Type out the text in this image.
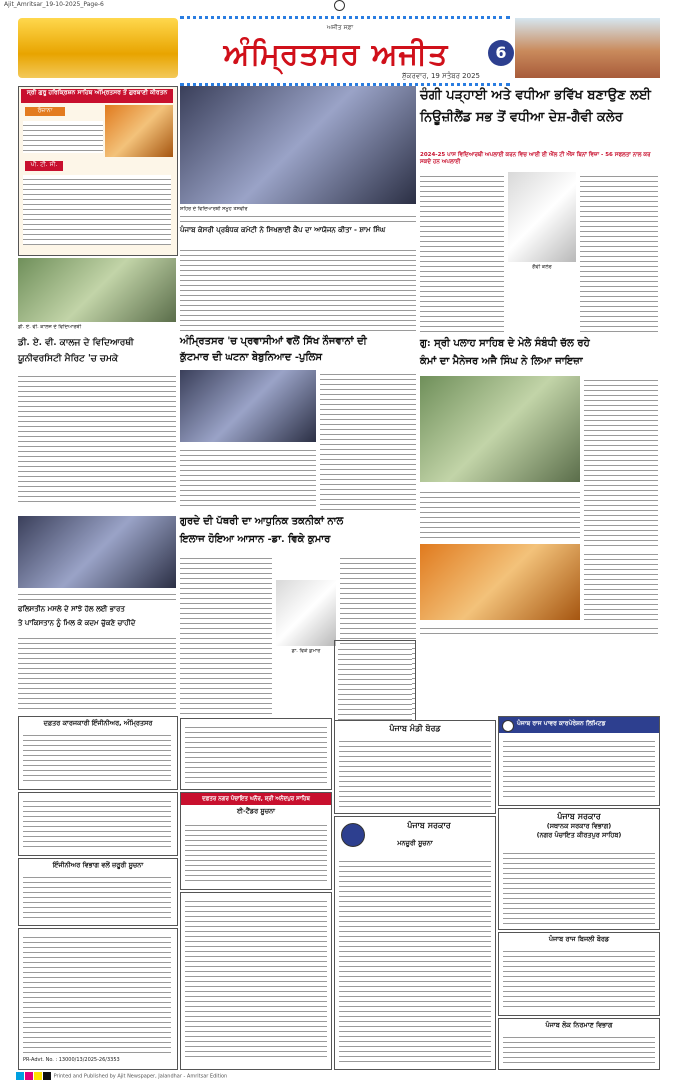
Ajit_Amritsar_19-10-2025_Page-6
ਅਜੀਤ ਸਫ਼ਾ
ਅੰਮ੍ਰਿਤਸਰ ਅਜੀਤ
ਸ਼ੁੱਕਰਵਾਰ, 19 ਸਤੰਬਰ 2025
6
ਸ੍ਰੀ ਗੁਰੂ ਹਰਿਕ੍ਰਿਸ਼ਨ ਸਾਹਿਬ ਅੰਮ੍ਰਿਤਸਰ ਤੋਂ ਗੁਰਬਾਣੀ ਕੀਰਤਨ
ਰੋਜ਼ਾਨਾ
ਪੀ. ਟੀ. ਸੀ.
ਸ਼ਹਿਰ ਦੇ ਵਿਦਿਆਰਥੀ ਸਮੂਹ ਤਸਵੀਰ
ਪੰਜਾਬ ਕੇਸਰੀ ਪ੍ਰਬੰਧਕ ਕਮੇਟੀ ਨੇ ਸਿਖਲਾਈ ਕੈਂਪ ਦਾ ਆਯੋਜਨ ਕੀਤਾ - ਸ਼ਾਮ ਸਿੰਘ
ਚੰਗੀ ਪੜ੍ਹਾਈ ਅਤੇ ਵਧੀਆ ਭਵਿੱਖ ਬਣਾਉਣ ਲਈ
ਨਿਊਜ਼ੀਲੈਂਡ ਸਭ ਤੋਂ ਵਧੀਆ ਦੇਸ਼-ਗੈਵੀ ਕਲੇਰ
2024-25 ਪਾਸ ਵਿਦਿਆਰਥੀ ਅਪਲਾਈ ਕਰਨ ਵਿਚ ਆਈ ਈ ਐੱਲ ਟੀ ਐੱਸ ਬਿਨਾਂ ਵਿਜ਼ਾ - 56 ਸਫਲਤਾ ਨਾਲ ਕਰ ਸਕਦੇ ਹਨ ਅਪਲਾਈ
ਗੈਵੀ ਕਲੇਰ
ਡੀ. ਏ. ਵੀ. ਕਾਲਜ ਦੇ ਵਿਦਿਆਰਥੀ
ਡੀ. ਏ. ਵੀ. ਕਾਲਜ ਦੇ ਵਿਦਿਆਰਥੀ
ਯੂਨੀਵਰਸਿਟੀ ਮੈਰਿਟ 'ਚ ਚਮਕੇ
ਅੰਮ੍ਰਿਤਸਰ 'ਚ ਪ੍ਰਵਾਸੀਆਂ ਵਲੋਂ ਸਿੱਖ ਨੌਜਵਾਨਾਂ ਦੀ
ਕੁੱਟਮਾਰ ਦੀ ਘਟਨਾ ਬੇਬੁਨਿਆਦ -ਪੁਲਿਸ
ਗੁ: ਸ੍ਰੀ ਪਲਾਹ ਸਾਹਿਬ ਦੇ ਮੇਲੇ ਸੰਬੰਧੀ ਚੱਲ ਰਹੇ
ਕੰਮਾਂ ਦਾ ਮੈਨੇਜਰ ਅਜੈ ਸਿੰਘ ਨੇ ਲਿਆ ਜਾਇਜ਼ਾ
ਗੁਰਦੇ ਦੀ ਪੱਥਰੀ ਦਾ ਆਧੁਨਿਕ ਤਕਨੀਕਾਂ ਨਾਲ
ਇਲਾਜ ਹੋਇਆ ਆਸਾਨ -ਡਾ. ਵਿਕੇ ਕੁਮਾਰ
ਡਾ. ਵਿਕੇ ਕੁਮਾਰ
ਫਲਿਸਤੀਨ ਮਸਲੇ ਦੇ ਸਾਂਝੇ ਹੱਲ ਲਈ ਭਾਰਤ
ਤੇ ਪਾਕਿਸਤਾਨ ਨੂੰ ਮਿਲ ਕੇ ਕਦਮ ਚੁੱਕਣੇ ਚਾਹੀਦੇ
ਦਫ਼ਤਰ ਕਾਰਜਕਾਰੀ ਇੰਜੀਨੀਅਰ, ਅੰਮ੍ਰਿਤਸਰ
ਇੰਜੀਨੀਅਰ ਵਿਭਾਗ ਵਲੋਂ ਜ਼ਰੂਰੀ ਸੂਚਨਾ
PR-Advt. No. : 13000/13/2025-26/3353
ਪੰਜਾਬ ਮੰਡੀ ਬੋਰਡ
ਪੰਜਾਬ ਰਾਜ ਪਾਵਰ ਕਾਰਪੋਰੇਸ਼ਨ ਲਿਮਿਟਡ
ਦਫ਼ਤਰ ਨਗਰ ਪੰਚਾਇਤ ਘਨੌਰ, ਸ਼੍ਰੀ ਅਨੰਦਪੁਰ ਸਾਹਿਬ
ਈ-ਟੈਂਡਰ ਸੂਚਨਾ
ਪੰਜਾਬ ਸਰਕਾਰ
ਮਨਜ਼ੂਰੀ ਸੂਚਨਾ
ਪੰਜਾਬ ਸਰਕਾਰ
(ਸਥਾਨਕ ਸਰਕਾਰ ਵਿਭਾਗ)
(ਨਗਰ ਪੰਚਾਇਤ ਕੀਰਤਪੁਰ ਸਾਹਿਬ)
ਪੰਜਾਬ ਰਾਜ ਬਿਜਲੀ ਬੋਰਡ
ਪੰਜਾਬ ਲੋਕ ਨਿਰਮਾਣ ਵਿਭਾਗ
Printed and Published by Ajit Newspaper, Jalandhar - Amritsar Edition
